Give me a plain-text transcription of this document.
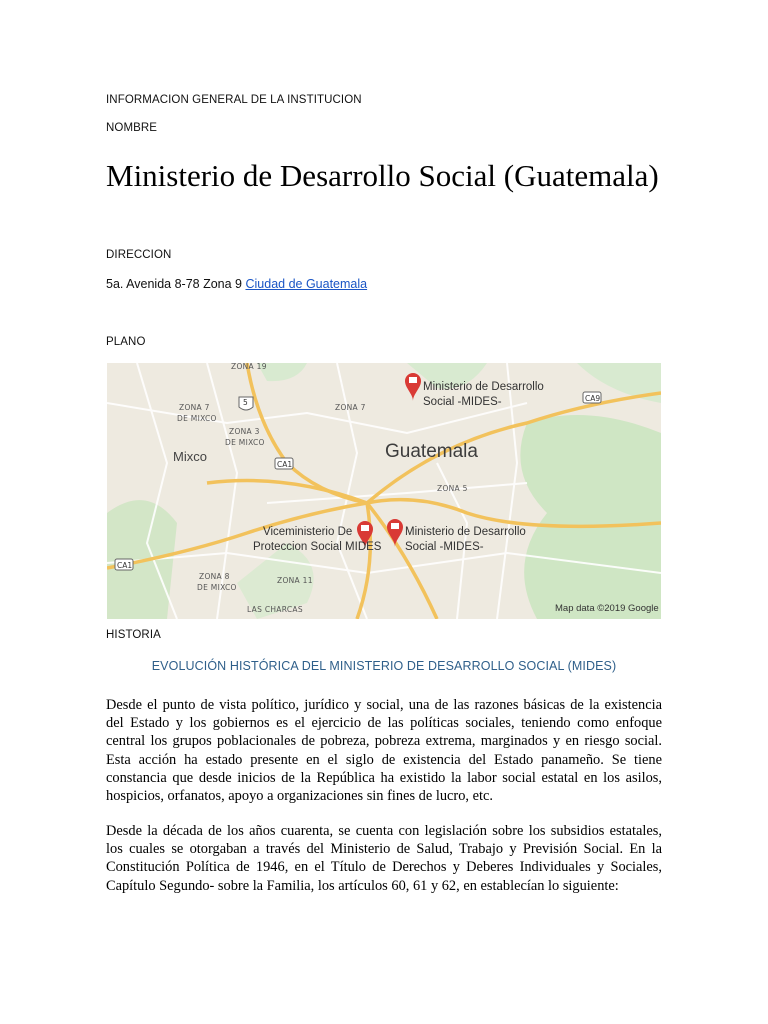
INFORMACION GENERAL DE LA INSTITUCION
NOMBRE
Ministerio de Desarrollo Social (Guatemala)
DIRECCION
5a. Avenida 8-78 Zona 9 Ciudad de Guatemala
PLANO
ZONA 19
ZONA 7
DE MIXCO
ZONA 3
DE MIXCO
ZONA 7
ZONA 5
ZONA 8
DE MIXCO
ZONA 11
LAS CHARCAS
5
CA1
CA9
CA1
Mixco	Guatemala
Ministerio de Desarrollo
Social -MIDES-
Viceministerio De
Proteccion Social MIDES
Ministerio de Desarrollo
Social -MIDES-
Map data ©2019 Google
HISTORIA
EVOLUCIÓN HISTÓRICA DEL MINISTERIO DE DESARROLLO SOCIAL (MIDES)
Desde el punto de vista político, jurídico y social, una de las razones básicas de la existencia
del Estado y los gobiernos es el ejercicio de las políticas sociales, teniendo como enfoque
central los grupos poblacionales de pobreza, pobreza extrema, marginados y en riesgo social.
Esta acción ha estado presente en el siglo de existencia del Estado panameño. Se tiene
constancia que desde inicios de la República ha existido la labor social estatal en los asilos,
hospicios, orfanatos, apoyo a organizaciones sin fines de lucro, etc.
Desde la década de los años cuarenta, se cuenta con legislación sobre los subsidios estatales,
los cuales se otorgaban a través del Ministerio de Salud, Trabajo y Previsión Social. En la
Constitución Política de 1946, en el Título de Derechos y Deberes Individuales y Sociales,
Capítulo Segundo- sobre la Familia, los artículos 60, 61 y 62, en establecían lo siguiente:
